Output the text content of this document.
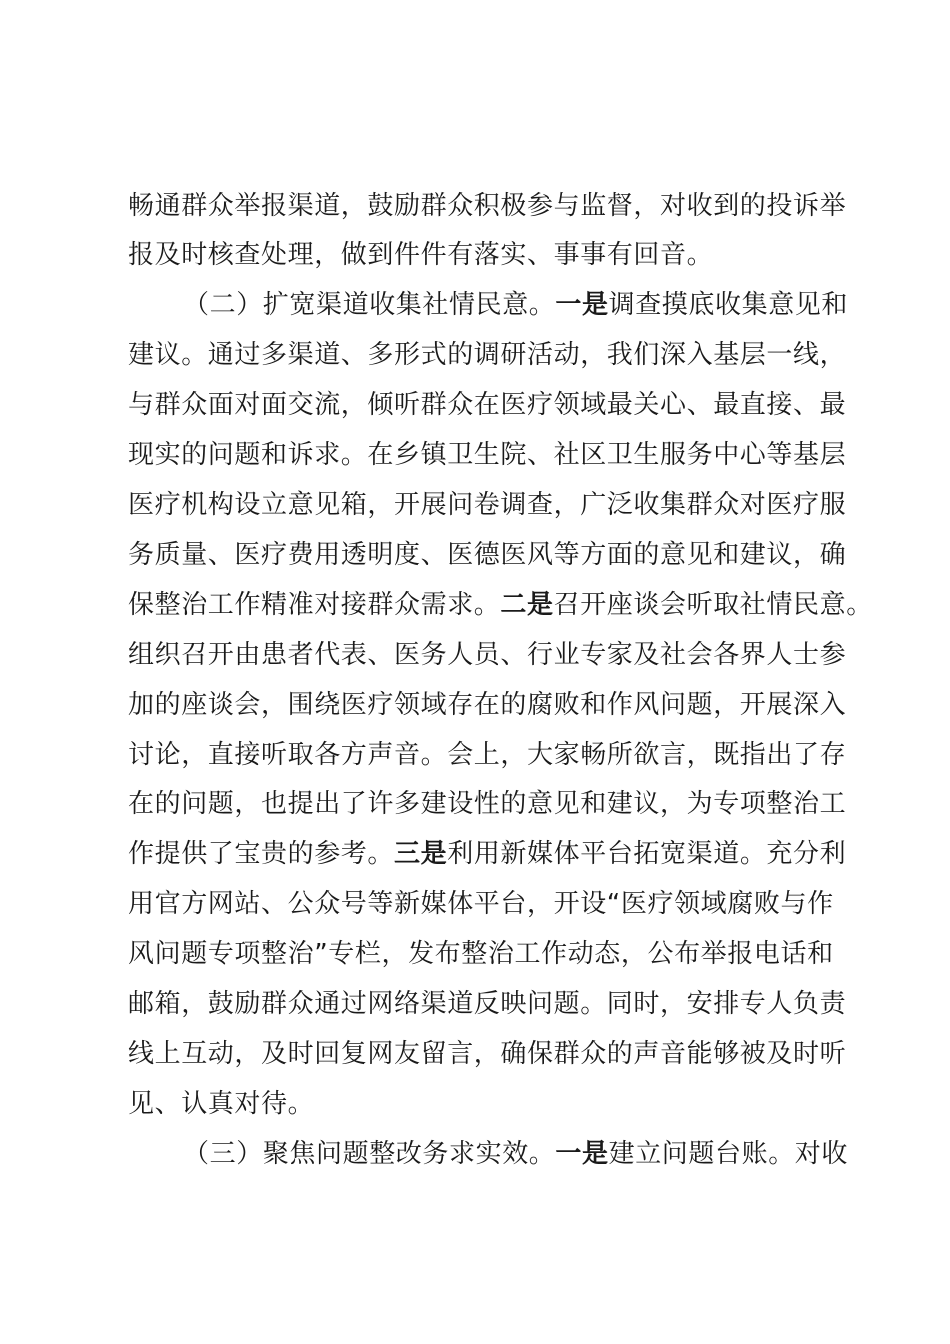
畅通群众举报渠道，鼓励群众积极参与监督，对收到的投诉举
报及时核查处理，做到件件有落实、事事有回音。
（二）扩宽渠道收集社情民意。一是调查摸底收集意见和
建议。通过多渠道、多形式的调研活动，我们深入基层一线，
与群众面对面交流，倾听群众在医疗领域最关心、最直接、最
现实的问题和诉求。在乡镇卫生院、社区卫生服务中心等基层
医疗机构设立意见箱，开展问卷调查，广泛收集群众对医疗服
务质量、医疗费用透明度、医德医风等方面的意见和建议，确
保整治工作精准对接群众需求。二是召开座谈会听取社情民意。
组织召开由患者代表、医务人员、行业专家及社会各界人士参
加的座谈会，围绕医疗领域存在的腐败和作风问题，开展深入
讨论，直接听取各方声音。会上，大家畅所欲言，既指出了存
在的问题，也提出了许多建设性的意见和建议，为专项整治工
作提供了宝贵的参考。三是利用新媒体平台拓宽渠道。充分利
用官方网站、公众号等新媒体平台，开设“医疗领域腐败与作
风问题专项整治”专栏，发布整治工作动态，公布举报电话和
邮箱，鼓励群众通过网络渠道反映问题。同时，安排专人负责
线上互动，及时回复网友留言，确保群众的声音能够被及时听
见、认真对待。
（三）聚焦问题整改务求实效。一是建立问题台账。对收
